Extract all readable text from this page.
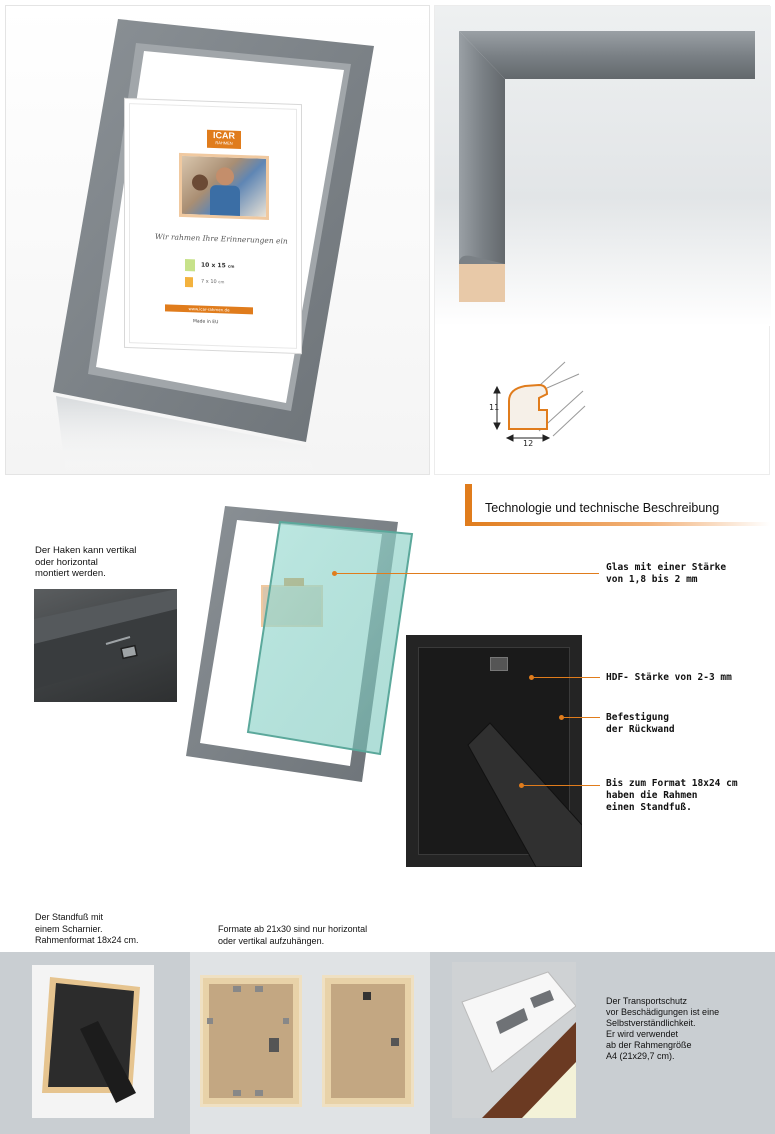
ICAR
RAHMEN
Wir rahmen Ihre Erinnerungen ein
10 x 15 cm
7 x 10 cm
www.icar-rahmen.de
Made in EU
11
12
Technologie und technische Beschreibung
Der Haken kann vertikal
oder horizontal
montiert werden.
Glas mit einer Stärke
von 1,8 bis 2 mm
HDF- Stärke von 2-3 mm
Befestigung
der Rückwand
Bis zum Format 18x24 cm
haben die Rahmen
einen Standfuß.
Der Standfuß mit
einem Scharnier.
Rahmenformat 18x24 cm.
Formate ab 21x30 sind nur horizontal
oder vertikal aufzuhängen.
Der Transportschutz
vor Beschädigungen ist eine
Selbstverständlichkeit.
Er wird verwendet
ab der Rahmengröße
A4 (21x29,7 cm).
